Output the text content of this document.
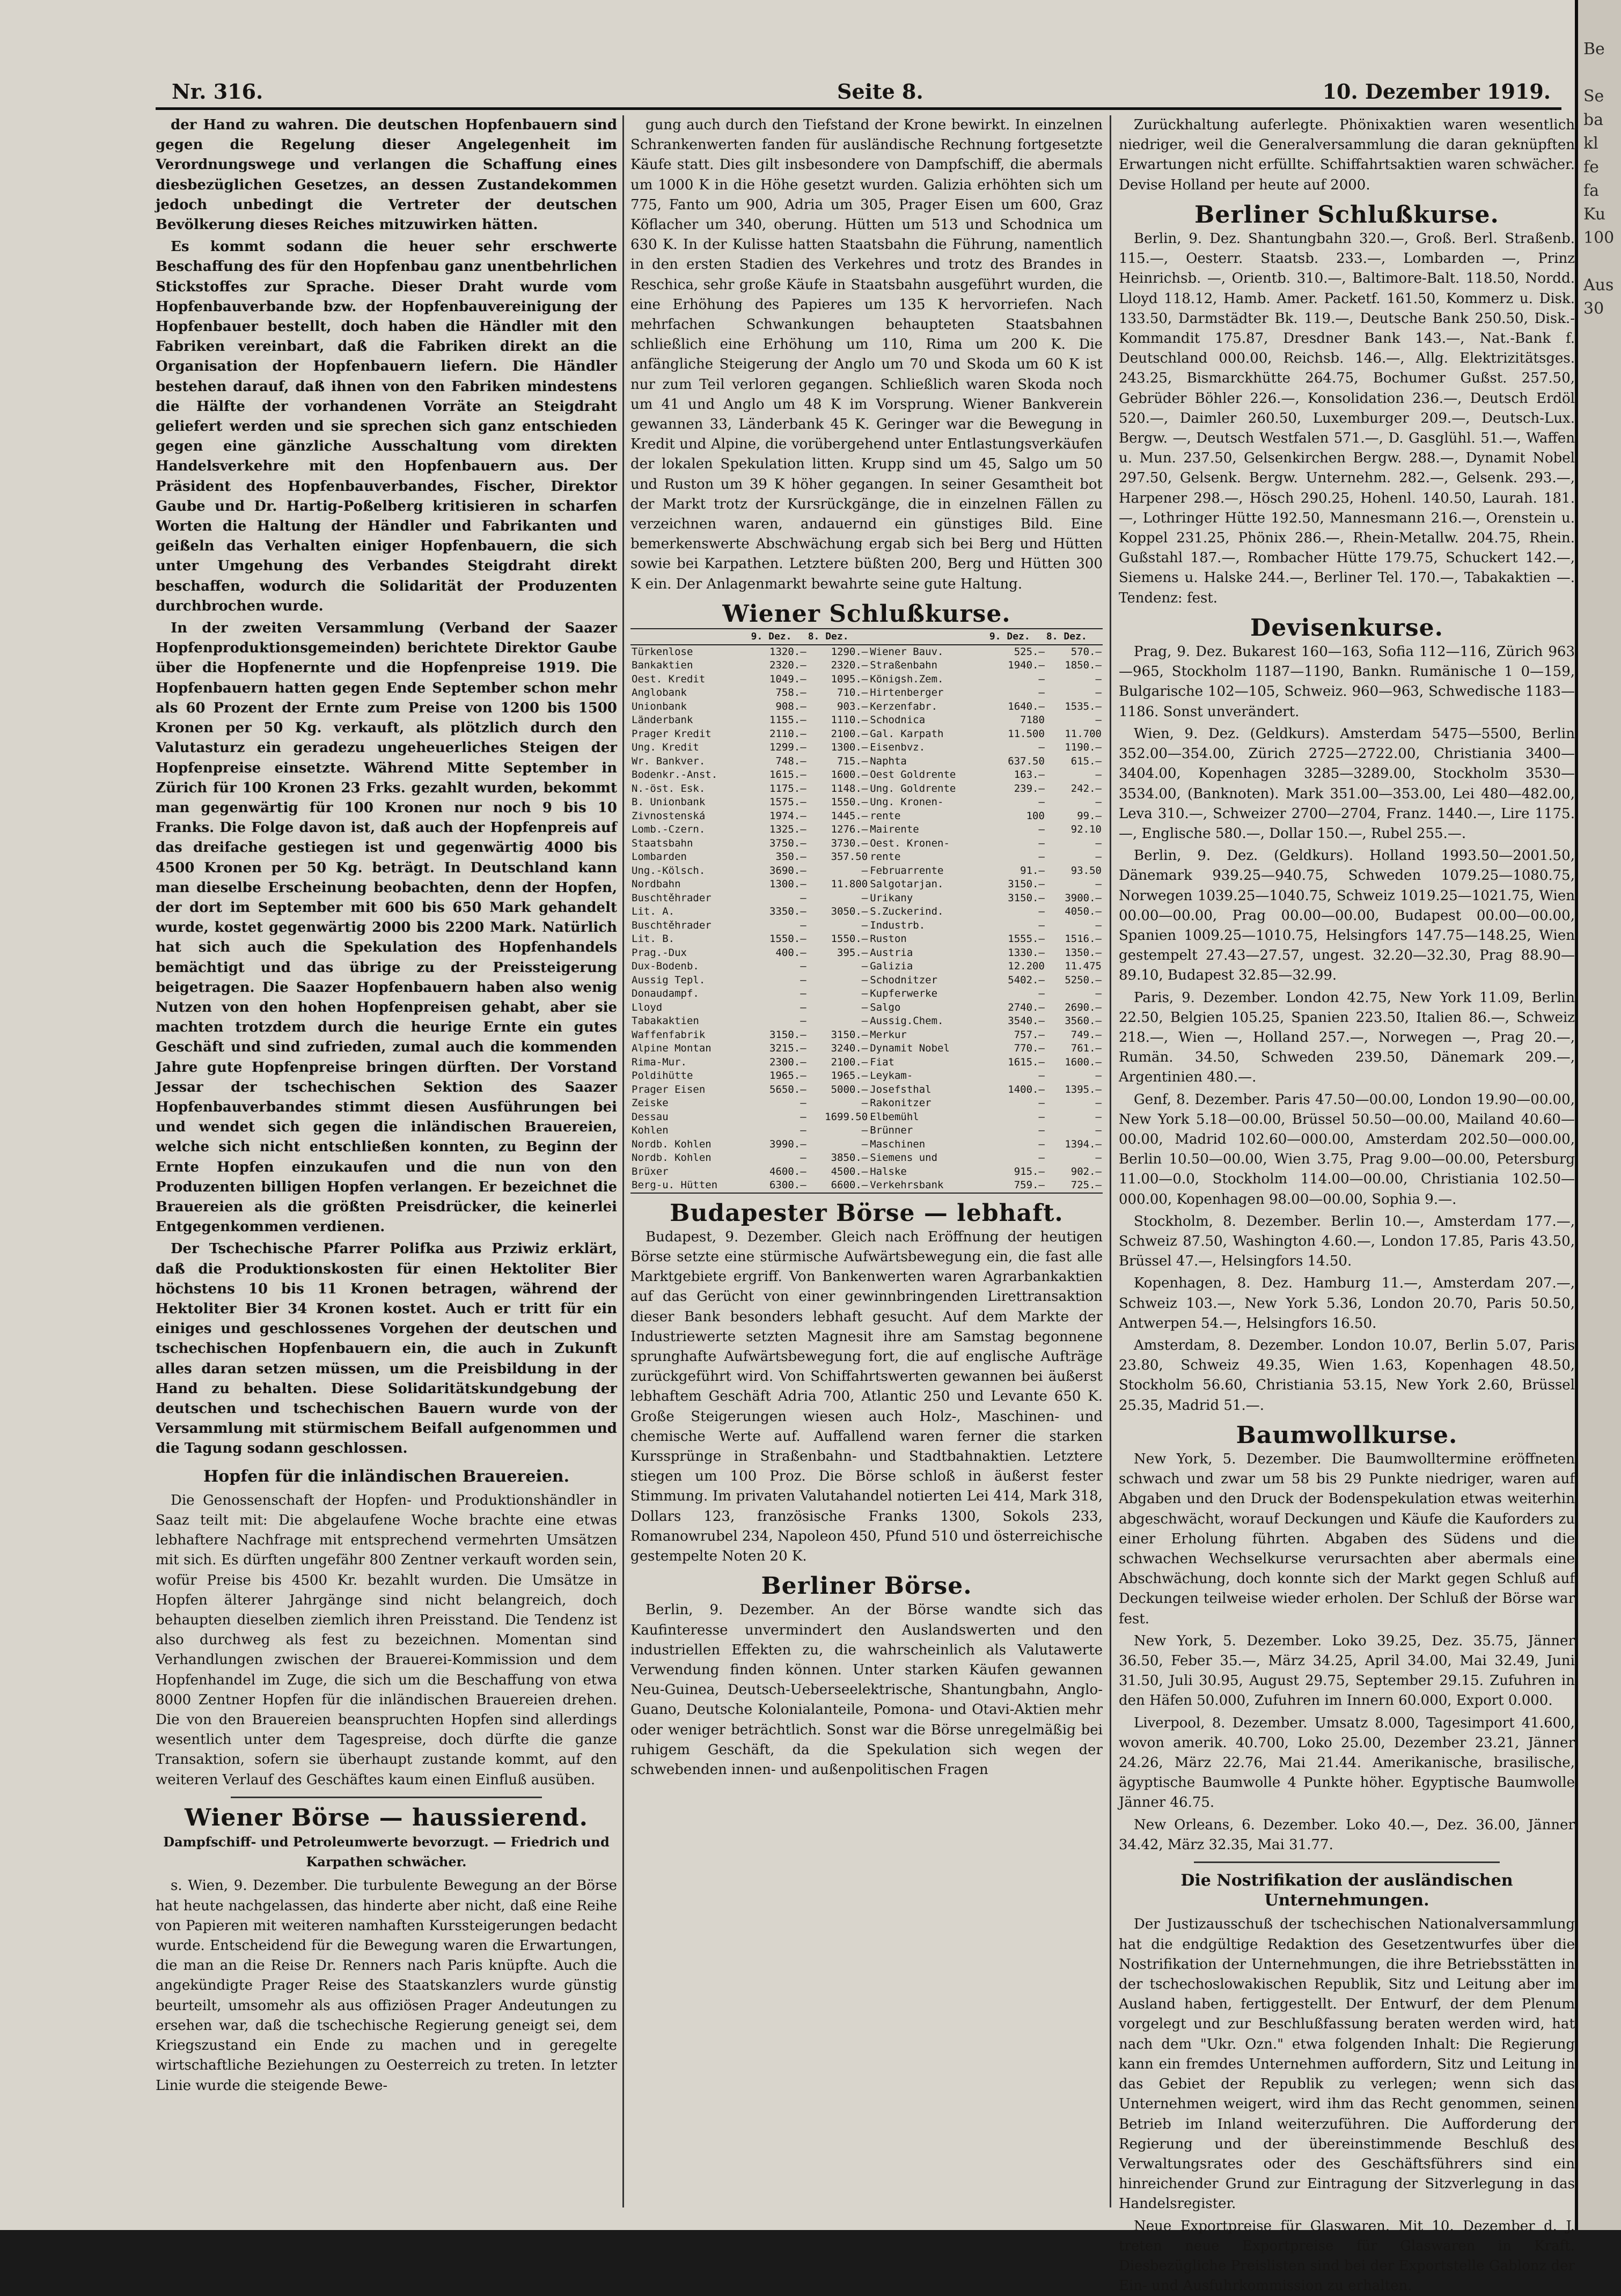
Nr. 316.	Seite 8.	10. Dezember 1919.

der Hand zu wahren. Die deutschen Hopfenbauern sind gegen die Regelung dieser Angelegenheit im Verordnungswege und verlangen die Schaffung eines diesbezüglichen Gesetzes, an dessen Zustandekommen jedoch unbedingt die Vertreter der deutschen Bevölkerung dieses Reiches mitzuwirken hätten.

Es kommt sodann die heuer sehr erschwerte Beschaffung des für den Hopfenbau ganz unentbehrlichen Stickstoffes zur Sprache. Dieser Draht wurde vom Hopfenbauverbande bzw. der Hopfenbauvereinigung der Hopfenbauer bestellt, doch haben die Händler mit den Fabriken vereinbart, daß die Fabriken direkt an die Organisation der Hopfenbauern liefern. Die Händler bestehen darauf, daß ihnen von den Fabriken mindestens die Hälfte der vorhandenen Vorräte an Steigdraht geliefert werden und sie sprechen sich ganz entschieden gegen eine gänzliche Ausschaltung vom direkten Handelsverkehre mit den Hopfenbauern aus. Der Präsident des Hopfenbauverbandes, Fischer, Direktor Gaube und Dr. Hartig-Poßelberg kritisieren in scharfen Worten die Haltung der Händler und Fabrikanten und geißeln das Verhalten einiger Hopfenbauern, die sich unter Umgehung des Verbandes Steigdraht direkt beschaffen, wodurch die Solidarität der Produzenten durchbrochen wurde.

In der zweiten Versammlung (Verband der Saazer Hopfenproduktionsgemeinden) berichtete Direktor Gaube über die Hopfenernte und die Hopfenpreise 1919. Die Hopfenbauern hatten gegen Ende September schon mehr als 60 Prozent der Ernte zum Preise von 1200 bis 1500 Kronen per 50 Kg. verkauft, als plötzlich durch den Valutasturz ein geradezu ungeheuerliches Steigen der Hopfenpreise einsetzte. Während Mitte September in Zürich für 100 Kronen 23 Frks. gezahlt wurden, bekommt man gegenwärtig für 100 Kronen nur noch 9 bis 10 Franks. Die Folge davon ist, daß auch der Hopfenpreis auf das dreifache gestiegen ist und gegenwärtig 4000 bis 4500 Kronen per 50 Kg. beträgt. In Deutschland kann man dieselbe Erscheinung beobachten, denn der Hopfen, der dort im September mit 600 bis 650 Mark gehandelt wurde, kostet gegenwärtig 2000 bis 2200 Mark. Natürlich hat sich auch die Spekulation des Hopfenhandels bemächtigt und das übrige zu der Preissteigerung beigetragen. Die Saazer Hopfenbauern haben also wenig Nutzen von den hohen Hopfenpreisen gehabt, aber sie machten trotzdem durch die heurige Ernte ein gutes Geschäft und sind zufrieden, zumal auch die kommenden Jahre gute Hopfenpreise bringen dürften. Der Vorstand Jessar der tschechischen Sektion des Saazer Hopfenbauverbandes stimmt diesen Ausführungen bei und wendet sich gegen die inländischen Brauereien, welche sich nicht entschließen konnten, zu Beginn der Ernte Hopfen einzukaufen und die nun von den Produzenten billigen Hopfen verlangen. Er bezeichnet die Brauereien als die größten Preisdrücker, die keinerlei Entgegenkommen verdienen.

Der Tschechische Pfarrer Polifka aus Prziwiz erklärt, daß die Produktionskosten für einen Hektoliter Bier höchstens 10 bis 11 Kronen betragen, während der Hektoliter Bier 34 Kronen kostet. Auch er tritt für ein einiges und geschlossenes Vorgehen der deutschen und tschechischen Hopfenbauern ein, die auch in Zukunft alles daran setzen müssen, um die Preisbildung in der Hand zu behalten. Diese Solidaritätskundgebung der deutschen und tschechischen Bauern wurde von der Versammlung mit stürmischem Beifall aufgenommen und die Tagung sodann geschlossen.

Hopfen für die inländischen Brauereien.

Die Genossenschaft der Hopfen- und Produktionshändler in Saaz teilt mit: Die abgelaufene Woche brachte eine etwas lebhaftere Nachfrage mit entsprechend vermehrten Umsätzen mit sich. Es dürften ungefähr 800 Zentner verkauft worden sein, wofür Preise bis 4500 Kr. bezahlt wurden. Die Umsätze in Hopfen älterer Jahrgänge sind nicht belangreich, doch behaupten dieselben ziemlich ihren Preisstand. Die Tendenz ist also durchweg als fest zu bezeichnen. Momentan sind Verhandlungen zwischen der Brauerei-Kommission und dem Hopfenhandel im Zuge, die sich um die Beschaffung von etwa 8000 Zentner Hopfen für die inländischen Brauereien drehen. Die von den Brauereien beanspruchten Hopfen sind allerdings wesentlich unter dem Tagespreise, doch dürfte die ganze Transaktion, sofern sie überhaupt zustande kommt, auf den weiteren Verlauf des Geschäftes kaum einen Einfluß ausüben.

Wiener Börse — haussierend.
Dampfschiff- und Petroleumwerte bevorzugt. — Friedrich und Karpathen schwächer.

s. Wien, 9. Dezember. Die turbulente Bewegung an der Börse hat heute nachgelassen, das hinderte aber nicht, daß eine Reihe von Papieren mit weiteren namhaften Kurssteigerungen bedacht wurde. Entscheidend für die Bewegung waren die Erwartungen, die man an die Reise Dr. Renners nach Paris knüpfte. Auch die angekündigte Prager Reise des Staatskanzlers wurde günstig beurteilt, umsomehr als aus offiziösen Prager Andeutungen zu ersehen war, daß die tschechische Regierung geneigt sei, dem Kriegszustand ein Ende zu machen und in geregelte wirtschaftliche Beziehungen zu Oesterreich zu treten. In letzter Linie wurde die steigende Bewe-

gung auch durch den Tiefstand der Krone bewirkt. In einzelnen Schrankenwerten fanden für ausländische Rechnung fortgesetzte Käufe statt. Dies gilt insbesondere von Dampfschiff, die abermals um 1000 K in die Höhe gesetzt wurden. Galizia erhöhten sich um 775, Fanto um 900, Adria um 305, Prager Eisen um 600, Graz Köflacher um 340, oberung. Hütten um 513 und Schodnica um 630 K. In der Kulisse hatten Staatsbahn die Führung, namentlich in den ersten Stadien des Verkehres und trotz des Brandes in Reschica, sehr große Käufe in Staatsbahn ausgeführt wurden, die eine Erhöhung des Papieres um 135 K hervorriefen. Nach mehrfachen Schwankungen behaupteten Staatsbahnen schließlich eine Erhöhung um 110, Rima um 200 K. Die anfängliche Steigerung der Anglo um 70 und Skoda um 60 K ist nur zum Teil verloren gegangen. Schließlich waren Skoda noch um 41 und Anglo um 48 K im Vorsprung. Wiener Bankverein gewannen 33, Länderbank 45 K. Geringer war die Bewegung in Kredit und Alpine, die vorübergehend unter Entlastungsverkäufen der lokalen Spekulation litten. Krupp sind um 45, Salgo um 50 und Ruston um 39 K höher gegangen. In seiner Gesamtheit bot der Markt trotz der Kursrückgänge, die in einzelnen Fällen zu verzeichnen waren, andauernd ein günstiges Bild. Eine bemerkenswerte Abschwächung ergab sich bei Berg und Hütten sowie bei Karpathen. Letztere büßten 200, Berg und Hütten 300 K ein. Der Anlagenmarkt bewahrte seine gute Haltung.

Wiener Schlußkurse.
	9. Dez.	8. Dez.		9. Dez.	8. Dez.
Türkenlose	1320.—	1290.—	Wiener Bauv.	525.—	570.—
Bankaktien	2320.—	2320.—	Straßenbahn	1940.—	1850.—
Oest. Kredit	1049.—	1095.—	Königsh.Zem.	—	—
Anglobank	758.—	710.—	Hirtenberger	—	—
Unionbank	908.—	903.—	Kerzenfabr.	1640.—	1535.—
Länderbank	1155.—	1110.—	Schodnica	7180	—
Prager Kredit	2110.—	2100.—	Gal. Karpath	11.500	11.700
Ung. Kredit	1299.—	1300.—	Eisenbvz.	—	1190.—
Wr. Bankver.	748.—	715.—	Naphta	637.50	615.—
Bodenkr.-Anst.	1615.—	1600.—	Oest Goldrente	163.—	—
N.-öst. Esk.	1175.—	1148.—	Ung. Goldrente	239.—	242.—
B. Unionbank	1575.—	1550.—	Ung. Kronen-	—	—
Zivnostenská	1974.—	1445.—	rente	100	99.—
Lomb.-Czern.	1325.—	1276.—	Mairente	—	92.10
Staatsbahn	3750.—	3730.—	Oest. Kronen-	—	—
Lombarden	350.—	357.50	rente	—	—
Ung.-Kölsch.	3690.—	—	Februarrente	91.—	93.50
Nordbahn	1300.—	11.800	Salgotarjan.	3150.—	—
Buschtěhrader	—	—	Urikany	3150.—	3900.—
Lit. A.	3350.—	3050.—	S.Zuckerind.	—	4050.—
Buschtěhrader	—	—	Industrb.	—	—
Lit. B.	1550.—	1550.—	Ruston	1555.—	1516.—
Prag.-Dux	400.—	395.—	Austria	1330.—	1350.—
Dux-Bodenb.	—	—	Galizia	12.200	11.475
Aussig Tepl.	—	—	Schodnitzer	5402.—	5250.—
Donaudampf.	—	—	Kupferwerke	—	—
Lloyd	—	—	Salgo	2740.—	2690.—
Tabakaktien	—	—	Aussig.Chem.	3540.—	3560.—
Waffenfabrik	3150.—	3150.—	Merkur	757.—	749.—
Alpine Montan	3215.—	3240.—	Dynamit Nobel	770.—	761.—
Rima-Mur.	2300.—	2100.—	Fiat	1615.—	1600.—
Poldihütte	1965.—	1965.—	Leykam-	—	—
Prager Eisen	5650.—	5000.—	Josefsthal	1400.—	1395.—
Zeiske	—	—	Rakonitzer	—	—
Dessau	—	1699.50	Elbemühl	—	—
Kohlen	—	—	Brünner	—	—
Nordb. Kohlen	3990.—	—	Maschinen	—	1394.—
Nordb. Kohlen	—	3850.—	Siemens und	—	—
Brüxer	4600.—	4500.—	Halske	915.—	902.—
Berg-u. Hütten	6300.—	6600.—	Verkehrsbank	759.—	725.—
Budapester Börse — lebhaft.

Budapest, 9. Dezember. Gleich nach Eröffnung der heutigen Börse setzte eine stürmische Aufwärtsbewegung ein, die fast alle Marktgebiete ergriff. Von Bankenwerten waren Agrarbankaktien auf das Gerücht von einer gewinnbringenden Lirettransaktion dieser Bank besonders lebhaft gesucht. Auf dem Markte der Industriewerte setzten Magnesit ihre am Samstag begonnene sprunghafte Aufwärtsbewegung fort, die auf englische Aufträge zurückgeführt wird. Von Schiffahrtswerten gewannen bei äußerst lebhaftem Geschäft Adria 700, Atlantic 250 und Levante 650 K. Große Steigerungen wiesen auch Holz-, Maschinen- und chemische Werte auf. Auffallend waren ferner die starken Kurssprünge in Straßenbahn- und Stadtbahnaktien. Letztere stiegen um 100 Proz. Die Börse schloß in äußerst fester Stimmung. Im privaten Valutahandel notierten Lei 414, Mark 318, Dollars 123, französische Franks 1300, Sokols 233, Romanowrubel 234, Napoleon 450, Pfund 510 und österreichische gestempelte Noten 20 K.

Berliner Börse.

Berlin, 9. Dezember. An der Börse wandte sich das Kaufinteresse unvermindert den Auslandswerten und den industriellen Effekten zu, die wahrscheinlich als Valutawerte Verwendung finden können. Unter starken Käufen gewannen Neu-Guinea, Deutsch-Ueberseelektrische, Shantungbahn, Anglo-Guano, Deutsche Kolonialanteile, Pomona- und Otavi-Aktien mehr oder weniger beträchtlich. Sonst war die Börse unregelmäßig bei ruhigem Geschäft, da die Spekulation sich wegen der schwebenden innen- und außenpolitischen Fragen

Zurückhaltung auferlegte. Phönixaktien waren wesentlich niedriger, weil die Generalversammlung die daran geknüpften Erwartungen nicht erfüllte. Schiffahrtsaktien waren schwächer. Devise Holland per heute auf 2000.

Berliner Schlußkurse.

Berlin, 9. Dez. Shantungbahn 320.—, Groß. Berl. Straßenb. 115.—, Oesterr. Staatsb. 233.—, Lombarden —, Prinz Heinrichsb. —, Orientb. 310.—, Baltimore-Balt. 118.50, Nordd. Lloyd 118.12, Hamb. Amer. Packetf. 161.50, Kommerz u. Disk. 133.50, Darmstädter Bk. 119.—, Deutsche Bank 250.50, Disk.-Kommandit 175.87, Dresdner Bank 143.—, Nat.-Bank f. Deutschland 000.00, Reichsb. 146.—, Allg. Elektrizitätsges. 243.25, Bismarckhütte 264.75, Bochumer Gußst. 257.50, Gebrüder Böhler 226.—, Konsolidation 236.—, Deutsch Erdöl 520.—, Daimler 260.50, Luxemburger 209.—, Deutsch-Lux. Bergw. —, Deutsch Westfalen 571.—, D. Gasglühl. 51.—, Waffen u. Mun. 237.50, Gelsenkirchen Bergw. 288.—, Dynamit Nobel 297.50, Gelsenk. Bergw. Unternehm. 282.—, Gelsenk. 293.—, Harpener 298.—, Hösch 290.25, Hohenl. 140.50, Laurah. 181.—, Lothringer Hütte 192.50, Mannesmann 216.—, Orenstein u. Koppel 231.25, Phönix 286.—, Rhein-Metallw. 204.75, Rhein. Gußstahl 187.—, Rombacher Hütte 179.75, Schuckert 142.—, Siemens u. Halske 244.—, Berliner Tel. 170.—, Tabakaktien —. Tendenz: fest.

Devisenkurse.

Prag, 9. Dez. Bukarest 160—163, Sofia 112—116, Zürich 963—965, Stockholm 1187—1190, Bankn. Rumänische 1 0—159, Bulgarische 102—105, Schweiz. 960—963, Schwedische 1183—1186. Sonst unverändert.

Wien, 9. Dez. (Geldkurs). Amsterdam 5475—5500, Berlin 352.00—354.00, Zürich 2725—2722.00, Christiania 3400—3404.00, Kopenhagen 3285—3289.00, Stockholm 3530—3534.00, (Banknoten). Mark 351.00—353.00, Lei 480—482.00, Leva 310.—, Schweizer 2700—2704, Franz. 1440.—, Lire 1175.—, Englische 580.—, Dollar 150.—, Rubel 255.—.

Berlin, 9. Dez. (Geldkurs). Holland 1993.50—2001.50, Dänemark 939.25—940.75, Schweden 1079.25—1080.75, Norwegen 1039.25—1040.75, Schweiz 1019.25—1021.75, Wien 00.00—00.00, Prag 00.00—00.00, Budapest 00.00—00.00, Spanien 1009.25—1010.75, Helsingfors 147.75—148.25, Wien gestempelt 27.43—27.57, ungest. 32.20—32.30, Prag 88.90—89.10, Budapest 32.85—32.99.

Paris, 9. Dezember. London 42.75, New York 11.09, Berlin 22.50, Belgien 105.25, Spanien 223.50, Italien 86.—, Schweiz 218.—, Wien —, Holland 257.—, Norwegen —, Prag 20.—, Rumän. 34.50, Schweden 239.50, Dänemark 209.—, Argentinien 480.—.

Genf, 8. Dezember. Paris 47.50—00.00, London 19.90—00.00, New York 5.18—00.00, Brüssel 50.50—00.00, Mailand 40.60—00.00, Madrid 102.60—000.00, Amsterdam 202.50—000.00, Berlin 10.50—00.00, Wien 3.75, Prag 9.00—00.00, Petersburg 11.00—0.0, Stockholm 114.00—00.00, Christiania 102.50—000.00, Kopenhagen 98.00—00.00, Sophia 9.—.

Stockholm, 8. Dezember. Berlin 10.—, Amsterdam 177.—, Schweiz 87.50, Washington 4.60.—, London 17.85, Paris 43.50, Brüssel 47.—, Helsingfors 14.50.

Kopenhagen, 8. Dez. Hamburg 11.—, Amsterdam 207.—, Schweiz 103.—, New York 5.36, London 20.70, Paris 50.50, Antwerpen 54.—, Helsingfors 16.50.

Amsterdam, 8. Dezember. London 10.07, Berlin 5.07, Paris 23.80, Schweiz 49.35, Wien 1.63, Kopenhagen 48.50, Stockholm 56.60, Christiania 53.15, New York 2.60, Brüssel 25.35, Madrid 51.—.

Baumwollkurse.

New York, 5. Dezember. Die Baumwolltermine eröffneten schwach und zwar um 58 bis 29 Punkte niedriger, waren auf Abgaben und den Druck der Bodenspekulation etwas weiterhin abgeschwächt, worauf Deckungen und Käufe die Kauforders zu einer Erholung führten. Abgaben des Südens und die schwachen Wechselkurse verursachten aber abermals eine Abschwächung, doch konnte sich der Markt gegen Schluß auf Deckungen teilweise wieder erholen. Der Schluß der Börse war fest.

New York, 5. Dezember. Loko 39.25, Dez. 35.75, Jänner 36.50, Feber 35.—, März 34.25, April 34.00, Mai 32.49, Juni 31.50, Juli 30.95, August 29.75, September 29.15. Zufuhren in den Häfen 50.000, Zufuhren im Innern 60.000, Export 0.000.

Liverpool, 8. Dezember. Umsatz 8.000, Tagesimport 41.600, wovon amerik. 40.700, Loko 25.00, Dezember 23.21, Jänner 24.26, März 22.76, Mai 21.44. Amerikanische, brasilische, ägyptische Baumwolle 4 Punkte höher. Egyptische Baumwolle Jänner 46.75.

New Orleans, 6. Dezember. Loko 40.—, Dez. 36.00, Jänner 34.42, März 32.35, Mai 31.77.

Die Nostrifikation der ausländischen Unternehmungen.

Der Justizausschuß der tschechischen Nationalversammlung hat die endgültige Redaktion des Gesetzentwurfes über die Nostrifikation der Unternehmungen, die ihre Betriebsstätten in der tschechoslowakischen Republik, Sitz und Leitung aber im Ausland haben, fertiggestellt. Der Entwurf, der dem Plenum vorgelegt und zur Beschlußfassung beraten werden wird, hat nach dem "Ukr. Ozn." etwa folgenden Inhalt: Die Regierung kann ein fremdes Unternehmen auffordern, Sitz und Leitung in das Gebiet der Republik zu verlegen; wenn sich das Unternehmen weigert, wird ihm das Recht genommen, seinen Betrieb im Inland weiterzuführen. Die Aufforderung der Regierung und der übereinstimmende Beschluß des Verwaltungsrates oder des Geschäftsführers sind ein hinreichender Grund zur Eintragung der Sitzverlegung in das Handelsregister.

Neue Exportpreise für Glaswaren. Mit 10. Dezember d. J. treten neue Exportpreise für Glaswaren in Kraft. Diesbezügliche Preislisten sind bei der Exportstelle Gablonz der Ein- und Ausfuhrkommission zu erhalten.

Be

Se
ba
kl
fe
fa
Ku
100

Aus
30
